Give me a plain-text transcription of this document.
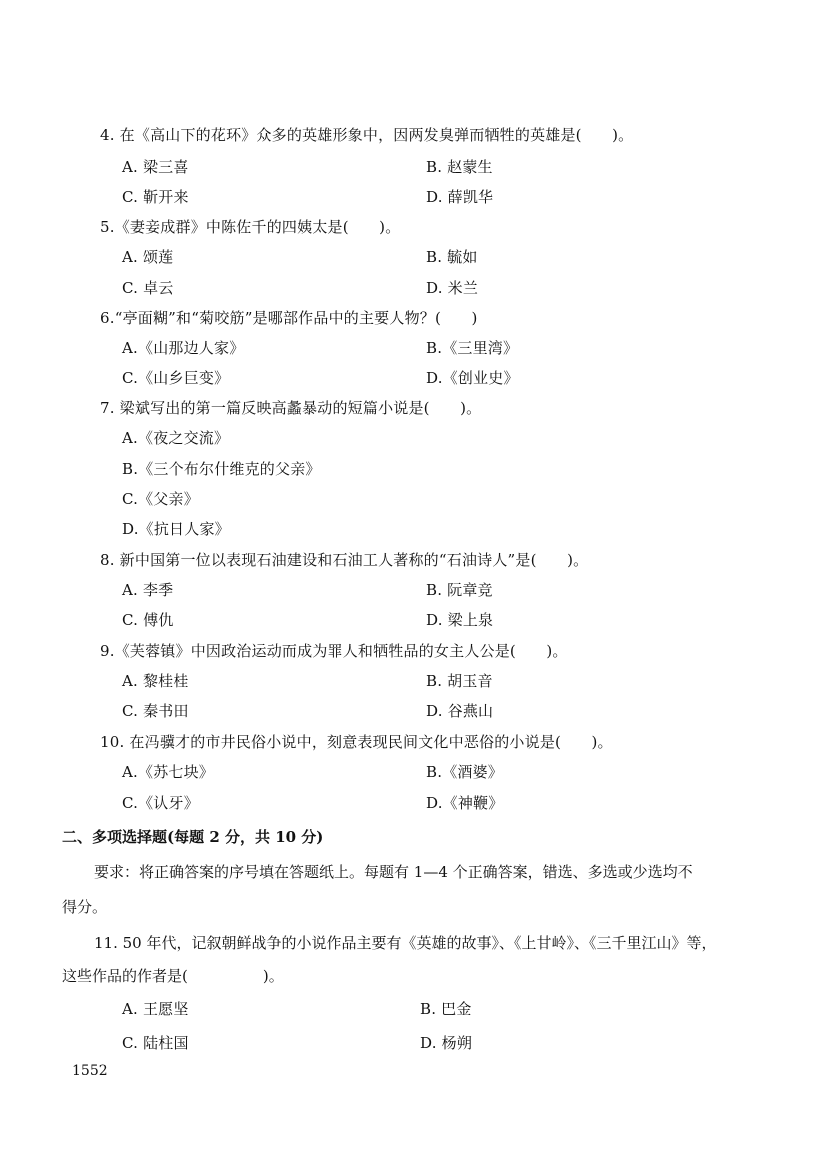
4. 在《高山下的花环》众多的英雄形象中，因两发臭弹而牺牲的英雄是(　　)。
A. 梁三喜	B. 赵蒙生
C. 靳开来	D. 薛凯华
5.《妻妾成群》中陈佐千的四姨太是(　　)。
A. 颂莲	B. 毓如
C. 卓云	D. 米兰
6.“亭面糊”和“菊咬筋”是哪部作品中的主要人物？(　　)
A.《山那边人家》	B.《三里湾》
C.《山乡巨变》	D.《创业史》
7. 梁斌写出的第一篇反映高蠡暴动的短篇小说是(　　)。
A.《夜之交流》
B.《三个布尔什维克的父亲》
C.《父亲》
D.《抗日人家》
8. 新中国第一位以表现石油建设和石油工人著称的“石油诗人”是(　　)。
A. 李季	B. 阮章竞
C. 傅仇	D. 梁上泉
9.《芙蓉镇》中因政治运动而成为罪人和牺牲品的女主人公是(　　)。
A. 黎桂桂	B. 胡玉音
C. 秦书田	D. 谷燕山
10. 在冯骥才的市井民俗小说中，刻意表现民间文化中恶俗的小说是(　　)。
A.《苏七块》	B.《酒婆》
C.《认牙》	D.《神鞭》
二、多项选择题(每题 2 分，共 10 分)
要求：将正确答案的序号填在答题纸上。每题有 1—4 个正确答案，错选、多选或少选均不
得分。
11. 50 年代，记叙朝鲜战争的小说作品主要有《英雄的故事》、《上甘岭》、《三千里江山》等，
这些作品的作者是(　　　　　)。
A. 王愿坚	B. 巴金
C. 陆柱国	D. 杨朔
1552
